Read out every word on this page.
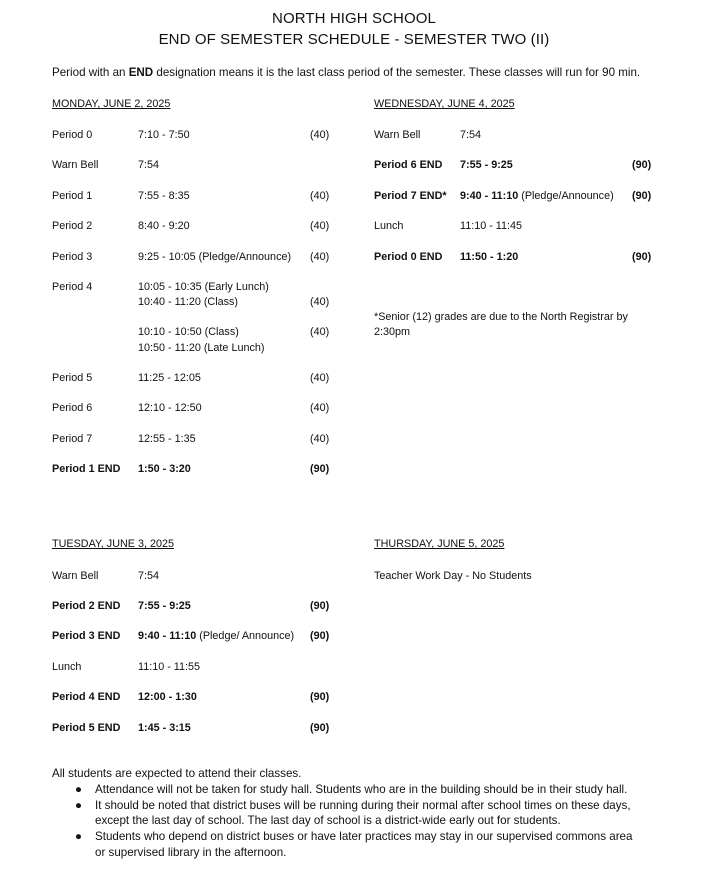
NORTH HIGH SCHOOL
END OF SEMESTER SCHEDULE - SEMESTER TWO (II)
Period with an END designation means it is the last class period of the semester. These classes will run for 90 min.
MONDAY, JUNE 2, 2025
Period 0	7:10 - 7:50	(40)
Warn Bell	7:54
Period 1	7:55 - 8:35	(40)
Period 2	8:40 - 9:20	(40)
Period 3	9:25 - 10:05 (Pledge/Announce) (40)
Period 4	10:05 - 10:35 (Early Lunch)
10:40 - 11:20 (Class)	(40)
10:10 - 10:50 (Class)	(40)
10:50 - 11:20 (Late Lunch)
Period 5	11:25 - 12:05	(40)
Period 6	12:10 - 12:50	(40)
Period 7	12:55 - 1:35	(40)
Period 1 END 1:50 - 3:20	(90)
WEDNESDAY, JUNE 4, 2025
Warn Bell	7:54
Period 6 END 7:55 - 9:25	(90)
Period 7 END* 9:40 - 11:10 (Pledge/Announce) (90)
Lunch	11:10 - 11:45
Period 0 END 11:50 - 1:20	(90)
*Senior (12) grades are due to the North Registrar by
2:30pm
TUESDAY, JUNE 3, 2025
Warn Bell	7:54
Period 2 END 7:55 - 9:25	(90)
Period 3 END 9:40 - 11:10 (Pledge/ Announce) (90)
Lunch	11:10 - 11:55
Period 4 END 12:00 - 1:30	(90)
Period 5 END 1:45 - 3:15	(90)
THURSDAY, JUNE 5, 2025
Teacher Work Day - No Students
All students are expected to attend their classes.
● Attendance will not be taken for study hall. Students who are in the building should be in their study hall.
● It should be noted that district buses will be running during their normal after school times on these days,
except the last day of school. The last day of school is a district-wide early out for students.
● Students who depend on district buses or have later practices may stay in our supervised commons area
or supervised library in the afternoon.
